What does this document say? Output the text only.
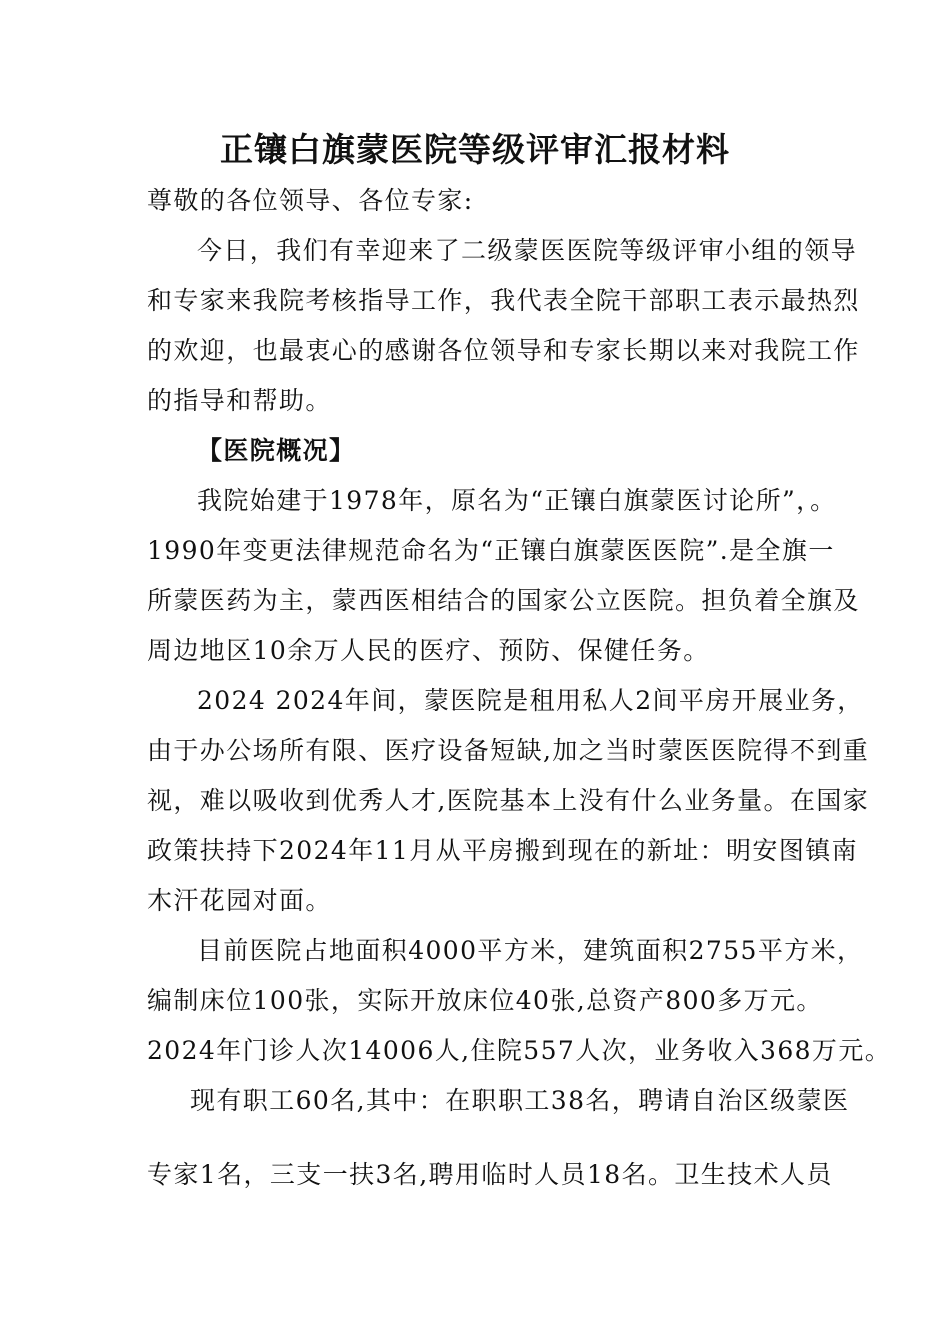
正镶白旗蒙医院等级评审汇报材料
尊敬的各位领导、各位专家:
今日，我们有幸迎来了二级蒙医医院等级评审小组的领导
和专家来我院考核指导工作，我代表全院干部职工表示最热烈
的欢迎，也最衷心的感谢各位领导和专家长期以来对我院工作
的指导和帮助。
【医院概况】
我院始建于1978年，原名为“正镶白旗蒙医讨论所”，。
1990年变更法律规范命名为“正镶白旗蒙医医院”.是全旗一
所蒙医药为主，蒙西医相结合的国家公立医院。担负着全旗及
周边地区10余万人民的医疗、预防、保健任务。
2024 2024年间，蒙医院是租用私人2间平房开展业务，
由于办公场所有限、医疗设备短缺,加之当时蒙医医院得不到重
视，难以吸收到优秀人才,医院基本上没有什么业务量。在国家
政策扶持下2024年11月从平房搬到现在的新址：明安图镇南
木汗花园对面。
目前医院占地面积4000平方米，建筑面积2755平方米，
编制床位100张，实际开放床位40张,总资产800多万元。
2024年门诊人次14006人,住院557人次，业务收入368万元。
现有职工60名,其中：在职职工38名，聘请自治区级蒙医
专家1名，三支一扶3名,聘用临时人员18名。卫生技术人员
